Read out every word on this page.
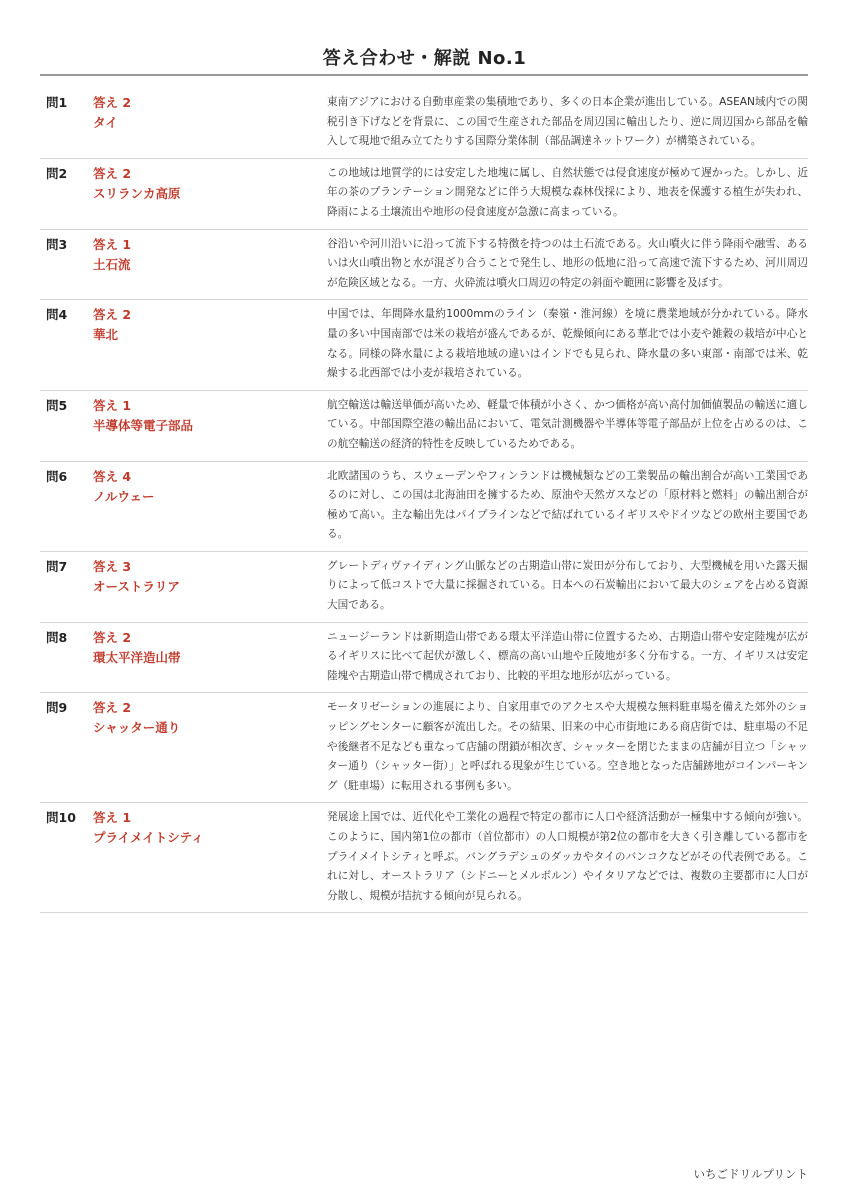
答え合わせ・解説 No.1
問1	答え 2
タイ
東南アジアにおける自動車産業の集積地であり、多くの日本企業が進出している。ASEAN域内での関税引き下げなどを背景に、この国で生産された部品を周辺国に輸出したり、逆に周辺国から部品を輸入して現地で組み立てたりする国際分業体制（部品調達ネットワーク）が構築されている。
問2	答え 2
スリランカ高原
この地域は地質学的には安定した地塊に属し、自然状態では侵食速度が極めて遅かった。しかし、近年の茶のプランテーション開発などに伴う大規模な森林伐採により、地表を保護する植生が失われ、降雨による土壌流出や地形の侵食速度が急激に高まっている。
問3	答え 1
土石流
谷沿いや河川沿いに沿って流下する特徴を持つのは土石流である。火山噴火に伴う降雨や融雪、あるいは火山噴出物と水が混ざり合うことで発生し、地形の低地に沿って高速で流下するため、河川周辺が危険区域となる。一方、火砕流は噴火口周辺の特定の斜面や範囲に影響を及ぼす。
問4	答え 2
華北
中国では、年間降水量約1000mmのライン（秦嶺・淮河線）を境に農業地域が分かれている。降水量の多い中国南部では米の栽培が盛んであるが、乾燥傾向にある華北では小麦や雑穀の栽培が中心となる。同様の降水量による栽培地域の違いはインドでも見られ、降水量の多い東部・南部では米、乾燥する北西部では小麦が栽培されている。
問5	答え 1
半導体等電子部品
航空輸送は輸送単価が高いため、軽量で体積が小さく、かつ価格が高い高付加価値製品の輸送に適している。中部国際空港の輸出品において、電気計測機器や半導体等電子部品が上位を占めるのは、この航空輸送の経済的特性を反映しているためである。
問6	答え 4
ノルウェー
北欧諸国のうち、スウェーデンやフィンランドは機械類などの工業製品の輸出割合が高い工業国であるのに対し、この国は北海油田を擁するため、原油や天然ガスなどの「原材料と燃料」の輸出割合が極めて高い。主な輸出先はパイプラインなどで結ばれているイギリスやドイツなどの欧州主要国である。
問7	答え 3
オーストラリア
グレートディヴァイディング山脈などの古期造山帯に炭田が分布しており、大型機械を用いた露天掘りによって低コストで大量に採掘されている。日本への石炭輸出において最大のシェアを占める資源大国である。
問8	答え 2
環太平洋造山帯
ニュージーランドは新期造山帯である環太平洋造山帯に位置するため、古期造山帯や安定陸塊が広がるイギリスに比べて起伏が激しく、標高の高い山地や丘陵地が多く分布する。一方、イギリスは安定陸塊や古期造山帯で構成されており、比較的平坦な地形が広がっている。
問9	答え 2
シャッター通り
モータリゼーションの進展により、自家用車でのアクセスや大規模な無料駐車場を備えた郊外のショッピングセンターに顧客が流出した。その結果、旧来の中心市街地にある商店街では、駐車場の不足や後継者不足なども重なって店舗の閉鎖が相次ぎ、シャッターを閉じたままの店舗が目立つ「シャッター通り（シャッター街）」と呼ばれる現象が生じている。空き地となった店舗跡地がコインパーキング（駐車場）に転用される事例も多い。
問10	答え 1
プライメイトシティ
発展途上国では、近代化や工業化の過程で特定の都市に人口や経済活動が一極集中する傾向が強い。このように、国内第1位の都市（首位都市）の人口規模が第2位の都市を大きく引き離している都市をプライメイトシティと呼ぶ。バングラデシュのダッカやタイのバンコクなどがその代表例である。これに対し、オーストラリア（シドニーとメルボルン）やイタリアなどでは、複数の主要都市に人口が分散し、規模が拮抗する傾向が見られる。
いちごドリルプリント
